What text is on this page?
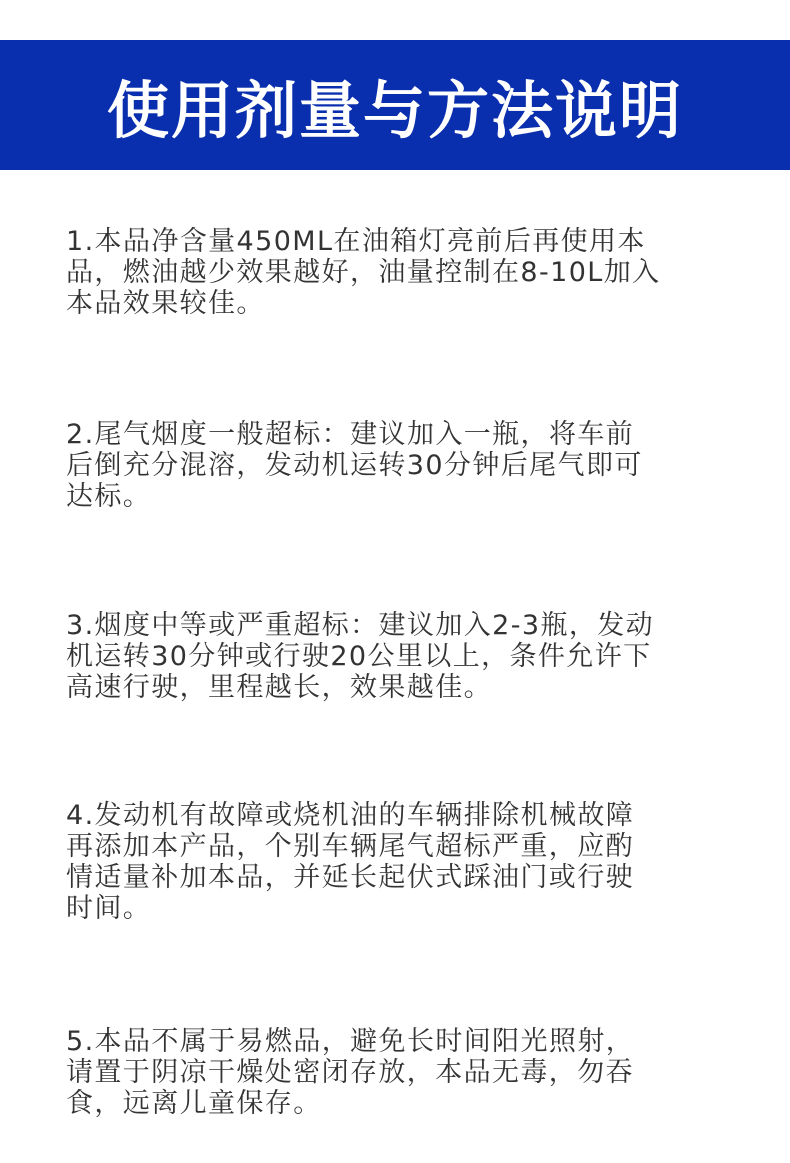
使用剂量与方法说明
1.本品净含量450ML在油箱灯亮前后再使用本
品，燃油越少效果越好，油量控制在8-10L加入
本品效果较佳。
2.尾气烟度一般超标：建议加入一瓶，将车前
后倒充分混溶，发动机运转30分钟后尾气即可
达标。
3.烟度中等或严重超标：建议加入2-3瓶，发动
机运转30分钟或行驶20公里以上，条件允许下
高速行驶，里程越长，效果越佳。
4.发动机有故障或烧机油的车辆排除机械故障
再添加本产品，个别车辆尾气超标严重，应酌
情适量补加本品，并延长起伏式踩油门或行驶
时间。
5.本品不属于易燃品，避免长时间阳光照射，
请置于阴凉干燥处密闭存放，本品无毒，勿吞
食，远离儿童保存。
